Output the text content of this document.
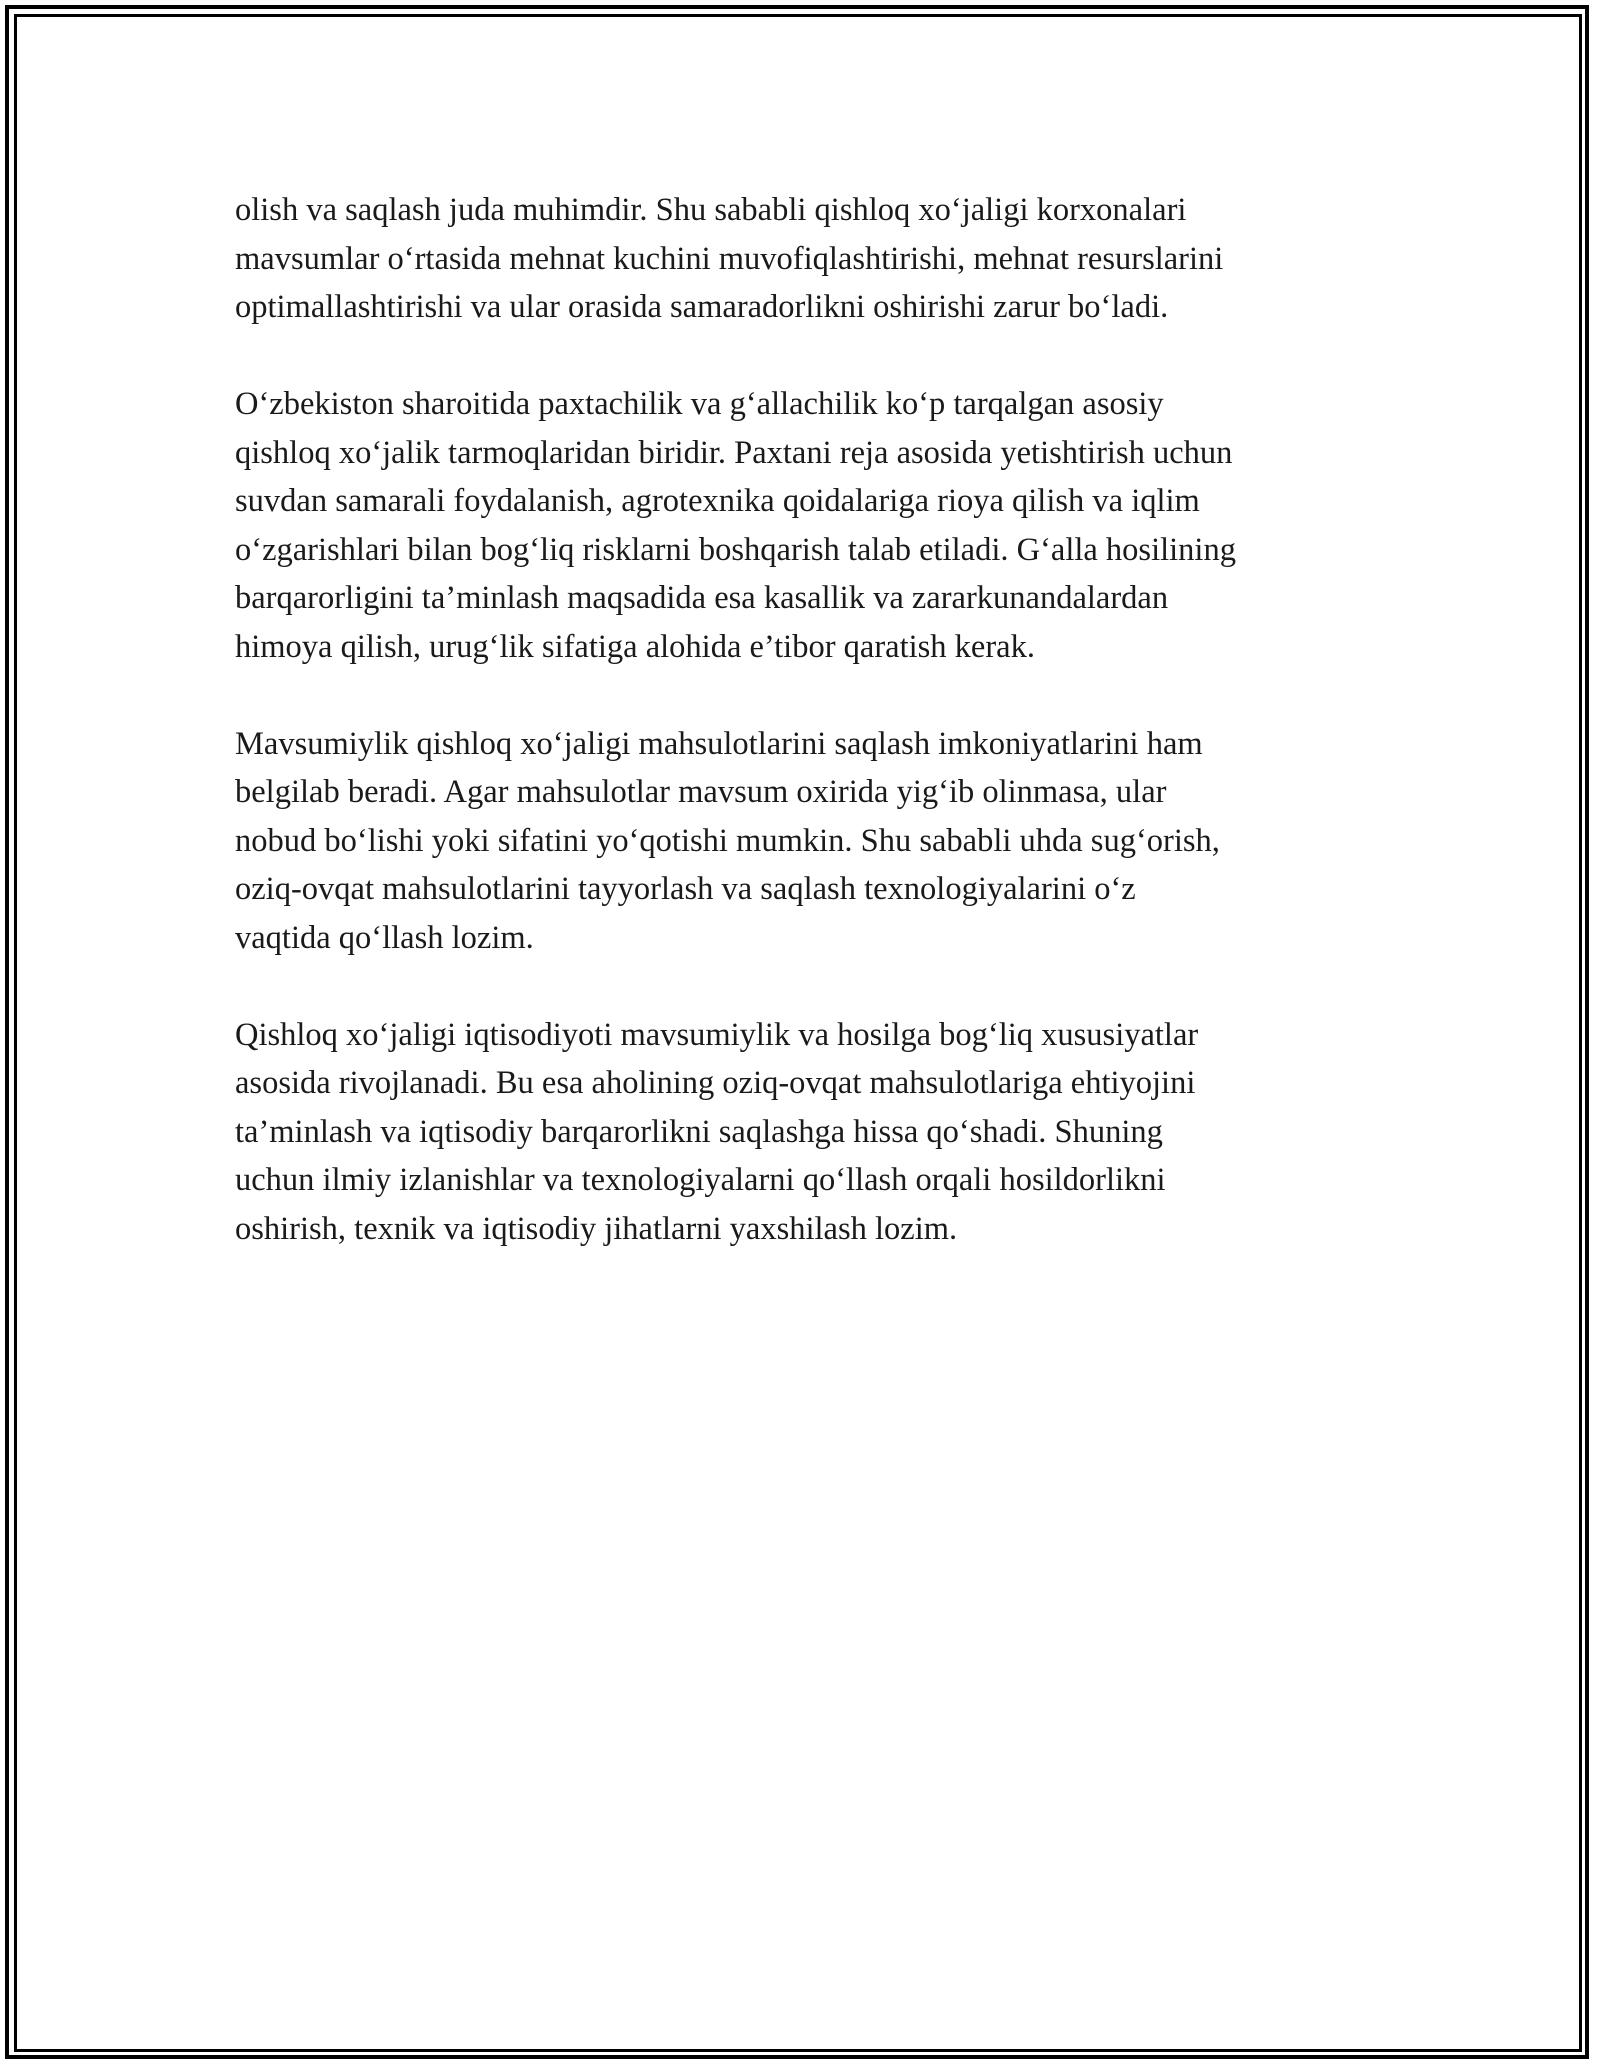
olish va saqlash juda muhimdir. Shu sababli qishloq xo‘jaligi korxonalari
mavsumlar o‘rtasida mehnat kuchini muvofiqlashtirishi, mehnat resurslarini
optimallashtirishi va ular orasida samaradorlikni oshirishi zarur bo‘ladi.

O‘zbekiston sharoitida paxtachilik va g‘allachilik ko‘p tarqalgan asosiy
qishloq xo‘jalik tarmoqlaridan biridir. Paxtani reja asosida yetishtirish uchun
suvdan samarali foydalanish, agrotexnika qoidalariga rioya qilish va iqlim
o‘zgarishlari bilan bog‘liq risklarni boshqarish talab etiladi. G‘alla hosilining
barqarorligini ta’minlash maqsadida esa kasallik va zararkunandalardan
himoya qilish, urug‘lik sifatiga alohida e’tibor qaratish kerak.

Mavsumiylik qishloq xo‘jaligi mahsulotlarini saqlash imkoniyatlarini ham
belgilab beradi. Agar mahsulotlar mavsum oxirida yig‘ib olinmasa, ular
nobud bo‘lishi yoki sifatini yo‘qotishi mumkin. Shu sababli uhda sug‘orish,
oziq-ovqat mahsulotlarini tayyorlash va saqlash texnologiyalarini o‘z
vaqtida qo‘llash lozim.

Qishloq xo‘jaligi iqtisodiyoti mavsumiylik va hosilga bog‘liq xususiyatlar
asosida rivojlanadi. Bu esa aholining oziq-ovqat mahsulotlariga ehtiyojini
ta’minlash va iqtisodiy barqarorlikni saqlashga hissa qo‘shadi. Shuning
uchun ilmiy izlanishlar va texnologiyalarni qo‘llash orqali hosildorlikni
oshirish, texnik va iqtisodiy jihatlarni yaxshilash lozim.
